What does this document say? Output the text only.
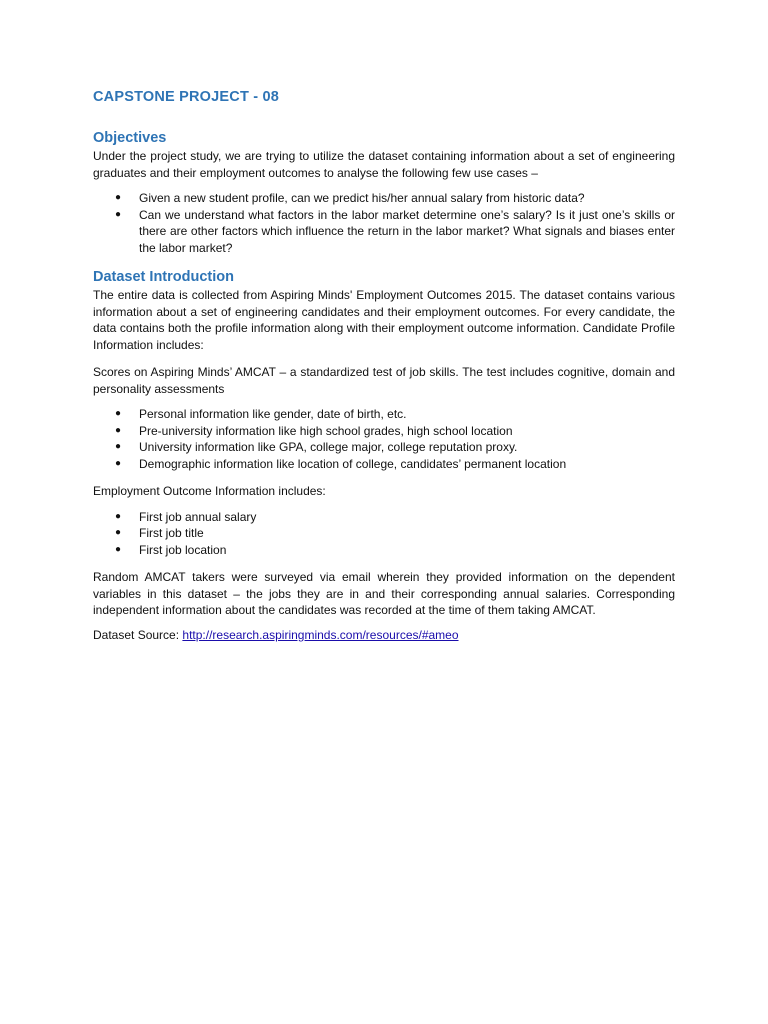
CAPSTONE PROJECT - 08
Objectives

Under the project study, we are trying to utilize the dataset containing information about a set of engineering graduates and their employment outcomes to analyse the following few use cases –

● Given a new student profile, can we predict his/her annual salary from historic data?
● Can we understand what factors in the labor market determine one’s salary? Is it just one’s skills or there are other factors which influence the return in the labor market? What signals and biases enter the labor market?
Dataset Introduction

The entire data is collected from Aspiring Minds' Employment Outcomes 2015. The dataset contains various information about a set of engineering candidates and their employment outcomes. For every candidate, the data contains both the profile information along with their employment outcome information. Candidate Profile Information includes:

Scores on Aspiring Minds’ AMCAT – a standardized test of job skills. The test includes cognitive, domain and personality assessments

● Personal information like gender, date of birth, etc.
● Pre-university information like high school grades, high school location
● University information like GPA, college major, college reputation proxy.
● Demographic information like location of college, candidates’ permanent location

Employment Outcome Information includes:

● First job annual salary
● First job title
● First job location

Random AMCAT takers were surveyed via email wherein they provided information on the dependent variables in this dataset – the jobs they are in and their corresponding annual salaries. Corresponding independent information about the candidates was recorded at the time of them taking AMCAT.

Dataset Source: http://research.aspiringminds.com/resources/#ameo
